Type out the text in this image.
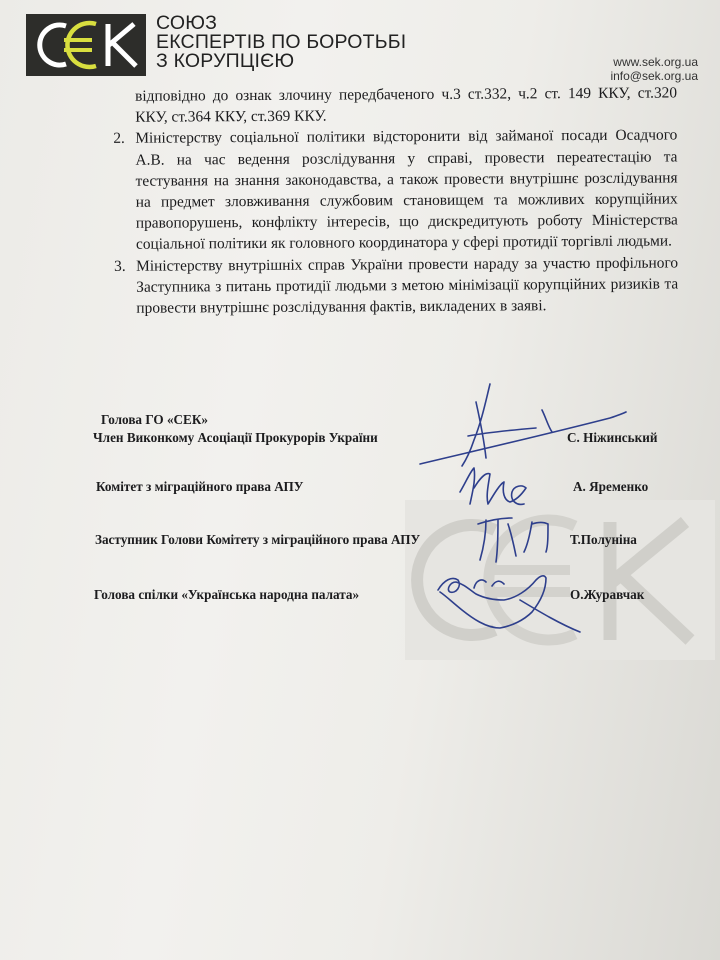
СОЮЗ
ЕКСПЕРТІВ ПО БОРОТЬБІ
З КОРУПЦІЄЮ	www.sek.org.ua
info@sek.org.ua

відповідно до ознак злочину передбаченого ч.3 ст.332, ч.2 ст. 149 ККУ, ст.320 ККУ, ст.364 ККУ, ст.369 ККУ.

2. Міністерству соціальної політики відсторонити від займаної посади Осадчого А.В. на час ведення розслідування у справі, провести переатестацію та тестування на знання законодавства, а також провести внутрішнє розслідування на предмет зловживання службовим становищем та можливих корупційних правопорушень, конфлікту інтересів, що дискредитують роботу Міністерства соціальної політики як головного координатора у сфері протидії торгівлі людьми.
3. Міністерству внутрішніх справ України провести нараду за участю профільного Заступника з питань протидії людьми з метою мінімізації корупційних ризиків та провести внутрішнє розслідування фактів, викладених в заяві.
Голова ГО «СЕК»
Член Виконкому Асоціації Прокурорів України	С. Ніжинський
Комітет з міграційного права АПУ	А. Яременко
Заступник Голови Комітету з міграційного права АПУ	Т.Полуніна
Голова спілки «Українська народна палата»	О.Журавчак
